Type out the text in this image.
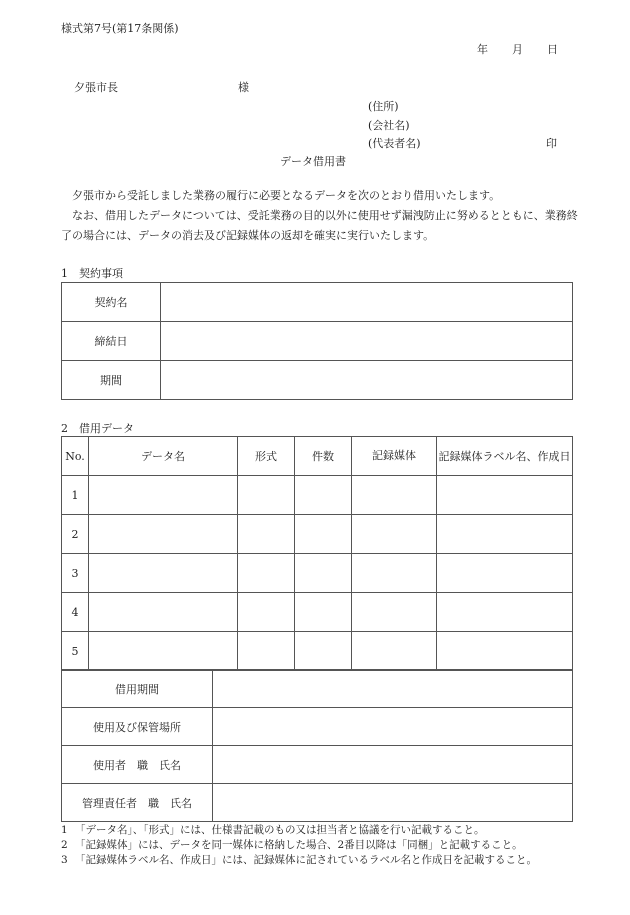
様式第7号(第17条関係)
年 月 日
夕張市長	様
(住所)
(会社名)
(代表者名)	印
データ借用書
夕張市から受託しました業務の履行に必要となるデータを次のとおり借用いたします。
なお、借用したデータについては、受託業務の目的以外に使用せず漏洩防止に努めるとともに、業務終了の場合には、データの消去及び記録媒体の返却を確実に実行いたします。
1　契約事項
契約名	
締結日	
期間	
2　借用データ
No.	データ名	形式	件数	記録媒体	記録媒体ラベル名、作成日
1					
2					
3					
4					
5					
借用期間	
使用及び保管場所	
使用者　職　氏名	
管理責任者　職　氏名	
1 「データ名」、「形式」には、仕様書記載のもの又は担当者と協議を行い記載すること。
2 「記録媒体」には、データを同一媒体に格納した場合、2番目以降は「同梱」と記載すること。
3 「記録媒体ラベル名、作成日」には、記録媒体に記されているラベル名と作成日を記載すること。
